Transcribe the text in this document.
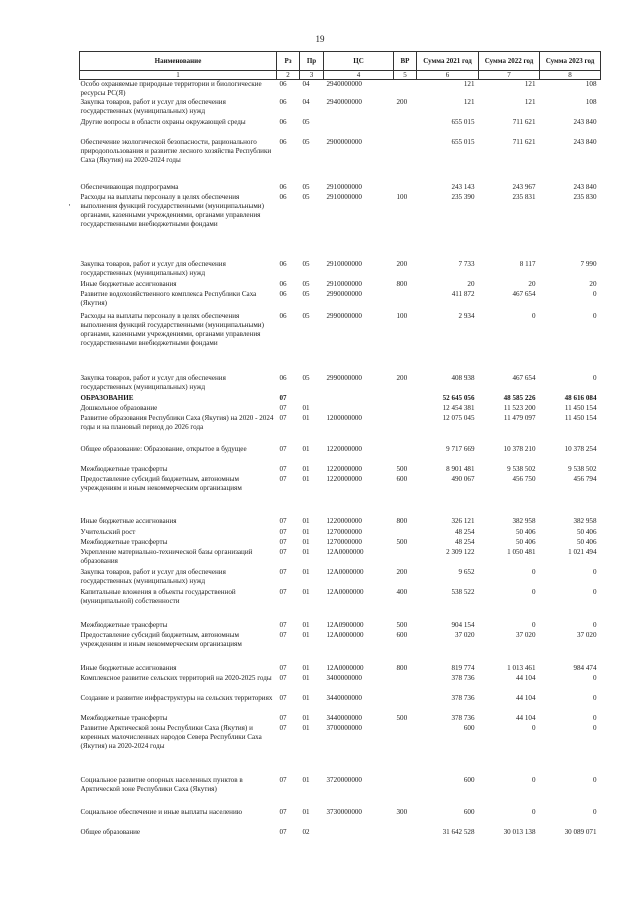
19
·
Наименование	Рз	Пр	ЦС	ВР	Сумма 2021 год	Сумма 2022 год	Сумма 2023 год
1	2	3	4	5	6	7	8
Особо охраняемые природные территории и биологические ресурсы РС(Я)	06	04	2940000000		121	121	108
Закупка товаров, работ и услуг для обеспечения государственных (муниципальных) нужд	06	04	2940000000	200	121	121	108
Другие вопросы в области охраны окружающей среды	06	05			655 015	711 621	243 840
Обеспечение экологической безопасности, рационального природопользования и развитие лесного хозяйства Республики Саха (Якутия) на 2020-2024 годы	06	05	2900000000		655 015	711 621	243 840
Обеспечивающая подпрограмма	06	05	2910000000		243 143	243 967	243 840
Расходы на выплаты персоналу в целях обеспечения выполнения функций государственными (муниципальными) органами, казенными учреждениями, органами управления государственными внебюджетными фондами	06	05	2910000000	100	235 390	235 831	235 830
Закупка товаров, работ и услуг для обеспечения государственных (муниципальных) нужд	06	05	2910000000	200	7 733	8 117	7 990
Иные бюджетные ассигнования	06	05	2910000000	800	20	20	20
Развитие водохозяйственного комплекса Республики Саха (Якутия)	06	05	2990000000		411 872	467 654	0
Расходы на выплаты персоналу в целях обеспечения выполнения функций государственными (муниципальными) органами, казенными учреждениями, органами управления государственными внебюджетными фондами	06	05	2990000000	100	2 934	0	0
Закупка товаров, работ и услуг для обеспечения государственных (муниципальных) нужд	06	05	2990000000	200	408 938	467 654	0
ОБРАЗОВАНИЕ	07				52 645 056	48 585 226	48 616 084
Дошкольное образование	07	01			12 454 381	11 523 200	11 450 154
Развитие образования Республики Саха (Якутия) на 2020 - 2024 годы и на плановый период до 2026 года	07	01	1200000000		12 075 045	11 479 097	11 450 154
Общее образование: Образование, открытое в будущее	07	01	1220000000		9 717 669	10 378 210	10 378 254
Межбюджетные трансферты	07	01	1220000000	500	8 901 481	9 538 502	9 538 502
Предоставление субсидий бюджетным, автономным учреждениям и иным некоммерческим организациям	07	01	1220000000	600	490 067	456 750	456 794
Иные бюджетные ассигнования	07	01	1220000000	800	326 121	382 958	382 958
Учительский рост	07	01	1270000000		48 254	50 406	50 406
Межбюджетные трансферты	07	01	1270000000	500	48 254	50 406	50 406
Укрепление материально-технической базы организаций образования	07	01	12А0000000		2 309 122	1 050 481	1 021 494
Закупка товаров, работ и услуг для обеспечения государственных (муниципальных) нужд	07	01	12А0000000	200	9 652	0	0
Капитальные вложения в объекты государственной (муниципальной) собственности	07	01	12А0000000	400	538 522	0	0
Межбюджетные трансферты	07	01	12А0900000	500	904 154	0	0
Предоставление субсидий бюджетным, автономным учреждениям и иным некоммерческим организациям	07	01	12А0000000	600	37 020	37 020	37 020
Иные бюджетные ассигнования	07	01	12А0000000	800	819 774	1 013 461	984 474
Комплексное развитие сельских территорий на 2020-2025 годы	07	01	3400000000		378 736	44 104	0
Создание и развитие инфраструктуры на сельских территориях	07	01	3440000000		378 736	44 104	0
Межбюджетные трансферты	07	01	3440000000	500	378 736	44 104	0
Развитие Арктической зоны Республики Саха (Якутия) и коренных малочисленных народов Севера Республики Саха (Якутия) на 2020-2024 годы	07	01	3700000000		600	0	0
Социальное развитие опорных населенных пунктов в Арктической зоне Республики Саха (Якутия)	07	01	3720000000		600	0	0
Социальное обеспечение и иные выплаты населению	07	01	3730000000	300	600	0	0
Общее образование	07	02			31 642 528	30 013 138	30 089 071
